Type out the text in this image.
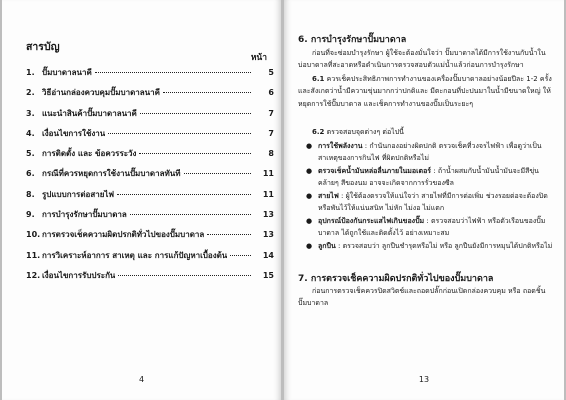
สารบัญ
หน้า
1. ปั๊มบาดาลนาคี	5
2. วิธีอ่านกล่องควบคุมปั๊มบาดาลนาคี	6
3. แนะนำสินค้าปั๊มบาดาลนาคี	7
4. เงื่อนไขการใช้งาน	7
5. การติดตั้ง และ ข้อควรระวัง	8
6. กรณีที่ควรหยุดการใช้งานปั๊มบาดาลทันที	11
8. รูปแบบการต่อสายไฟ	11
9. การบำรุงรักษาปั๊มบาดาล	13
10. การตรวจเช็คความผิดปรกติทั่วไปของปั๊มบาดาล	13
11. การวิเคราะห์อาการ สาเหตุ และ การแก้ปัญหาเบื้องต้น	14
12. เงื่อนไขการรับประกัน	15
4
6. การบำรุงรักษาปั๊มบาดาล
ก่อนที่จะซ่อมบำรุงรักษา ผู้ใช้จะต้องมั่นใจว่า ปั๊มบาดาลได้มีการใช้งานกับน้ำในบ่อบาดาลที่สะอาดหรือดำเนินการตรวจสอบตัวแม่น้ำแล้วก่อนการบำรุงรักษา
6.1 ควรเช็คประสิทธิภาพการทำงานของเครื่องปั๊มบาดาลอย่างน้อยปีละ 1-2 ครั้ง และสังเกตว่าน้ำมีความขุ่นมากกว่าปกติและ มีตะกอนที่ปะปนมาในน้ำมีขนาดใหญ่ ให้หยุดการใช้ปั๊มบาดาล และเช็คการทำงานของปั๊มเป็นระยะๆ
6.2 ตรวจสอบจุดต่างๆ ต่อไปนี้
● การใช้พลังงาน : กำนันกองอย่างผิดปกติ ตรวจเช็คที่วงจรไฟฟ้า เพื่อดูว่าเป็นสาเหตุของการกินไฟ ที่ผิดปกติหรือไม่
● ตรวจเช็คน้ำมันหล่อลื่นภายในมอเตอร์ : ถ้าน้ำผสมกับน้ำมันน้ำมันจะมีสีขุ่นคล้ายๆ สีของนม อาจจะเกิดจากการรั่วของซีล
● สายไฟ : ผู้ใช้ต้องตรวจให้แน่ใจว่า สายไฟที่มีการต่อเพิ่ม ช่วงรอยต่อจะต้องปิดหรือพันไว้ให้แน่นสนิท ไม่หัก ไม่งอ ไม่แตก
● อุปกรณ์ป้องกันกระแสไฟเกินของปั๊ม : ตรวจสอบว่าไฟฟ้า หรือตัวเรือนของปั๊มบาดาล ได้ถูกใช้และติดตั้งไว้ อย่างเหมาะสม
● ลูกปืน : ตรวจสอบว่า ลูกปืนชำรุดหรือไม่ หรือ ลูกปืนยังมีการหมุนได้ปกติหรือไม่
7. การตรวจเช็คความผิดปรกติทั่วไปของปั๊มบาดาล
ก่อนการตรวจเช็คควรปิดสวิตช์และถอดปลั๊กก่อนเปิดกล่องควบคุม หรือ ถอดชิ้นปั๊มบาดาล
13
